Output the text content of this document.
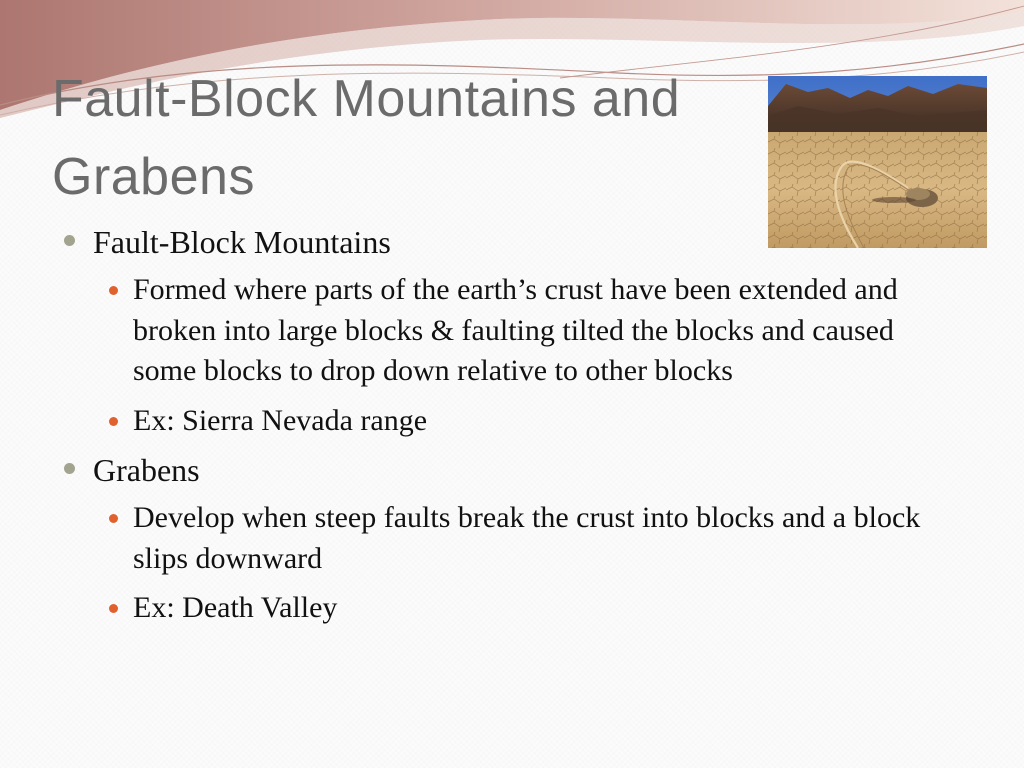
Fault-Block Mountains and Grabens
Fault-Block Mountains
Formed where parts of the earth’s crust have been extended and broken into large blocks & faulting tilted the blocks and caused some blocks to drop down relative to other blocks
Ex: Sierra Nevada range
Grabens
Develop when steep faults break the crust into blocks and a block slips downward
Ex: Death Valley
